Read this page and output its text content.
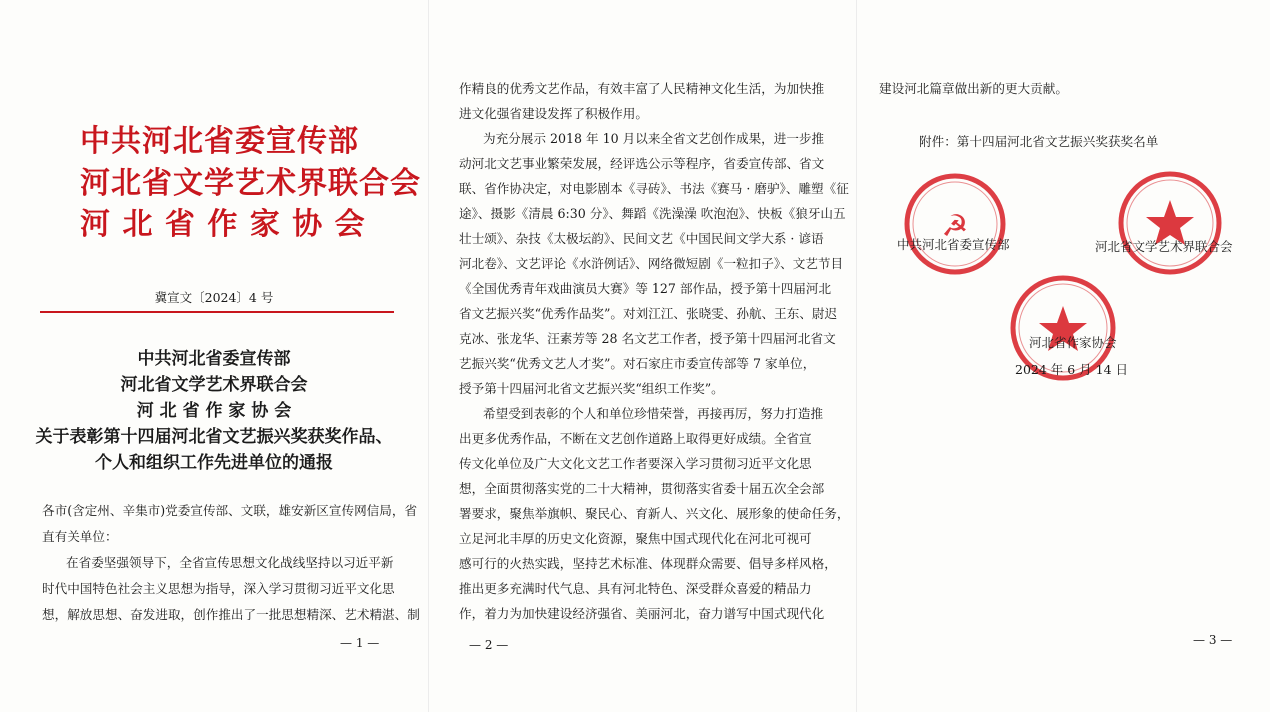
中共河北省委宣传部
河北省文学艺术界联合会
河 北 省 作 家 协 会
冀宣文〔2024〕4 号
中共河北省委宣传部
河北省文学艺术界联合会
河 北 省 作 家 协 会
关于表彰第十四届河北省文艺振兴奖获奖作品、
个人和组织工作先进单位的通报
各市(含定州、辛集市)党委宣传部、文联，雄安新区宣传网信局，省
直有关单位：
在省委坚强领导下，全省宣传思想文化战线坚持以习近平新
时代中国特色社会主义思想为指导，深入学习贯彻习近平文化思
想，解放思想、奋发进取，创作推出了一批思想精深、艺术精湛、制
— 1 —
作精良的优秀文艺作品，有效丰富了人民精神文化生活，为加快推
进文化强省建设发挥了积极作用。
为充分展示 2018 年 10 月以来全省文艺创作成果，进一步推
动河北文艺事业繁荣发展，经评选公示等程序，省委宣传部、省文
联、省作协决定，对电影剧本《寻砖》、书法《赛马 · 磨驴》、雕塑《征
途》、摄影《清晨 6:30 分》、舞蹈《洗澡澡 吹泡泡》、快板《狼牙山五
壮士颂》、杂技《太极坛韵》、民间文艺《中国民间文学大系 · 谚语
河北卷》、文艺评论《水浒例话》、网络微短剧《一粒扣子》、文艺节目
《全国优秀青年戏曲演员大赛》等 127 部作品，授予第十四届河北
省文艺振兴奖“优秀作品奖”。对刘江江、张晓雯、孙航、王东、尉迟
克冰、张龙华、汪素芳等 28 名文艺工作者，授予第十四届河北省文
艺振兴奖“优秀文艺人才奖”。对石家庄市委宣传部等 7 家单位，
授予第十四届河北省文艺振兴奖“组织工作奖”。
希望受到表彰的个人和单位珍惜荣誉，再接再厉，努力打造推
出更多优秀作品，不断在文艺创作道路上取得更好成绩。全省宣
传文化单位及广大文化文艺工作者要深入学习贯彻习近平文化思
想，全面贯彻落实党的二十大精神，贯彻落实省委十届五次全会部
署要求，聚焦举旗帜、聚民心、育新人、兴文化、展形象的使命任务，
立足河北丰厚的历史文化资源，聚焦中国式现代化在河北可视可
感可行的火热实践，坚持艺术标准、体现群众需要、倡导多样风格，
推出更多充满时代气息、具有河北特色、深受群众喜爱的精品力
作，着力为加快建设经济强省、美丽河北，奋力谱写中国式现代化
— 2 —
建设河北篇章做出新的更大贡献。
附件：第十四届河北省文艺振兴奖获奖名单
☭
中共河北省委宣传部	河北省文学艺术界联合会
河北省作家协会
2024 年 6 月 14 日
— 3 —
